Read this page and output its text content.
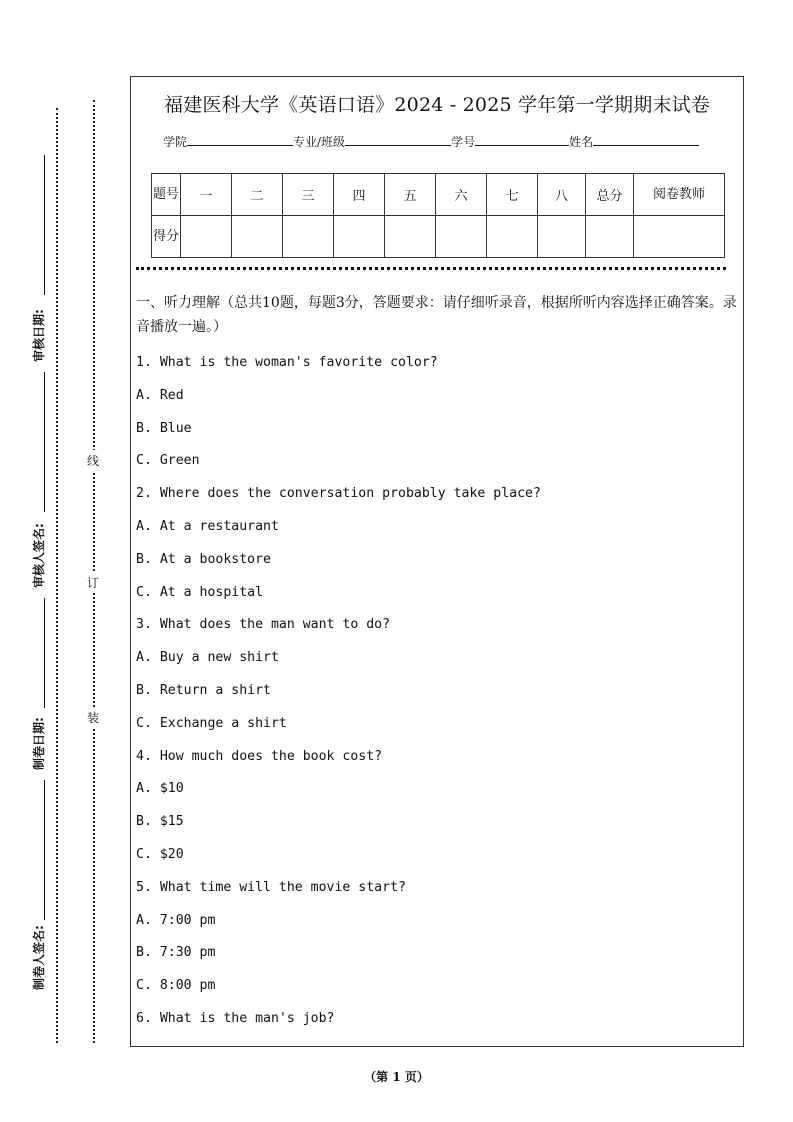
审核日期:
审核人签名:
制卷日期:
制卷人签名:
线
订
装
福建医科大学《英语口语》2024 - 2025 学年第一学期期末试卷
学院	专业/班级	学号	姓名
题号	一	二	三	四	五	六	七	八	总分	阅卷教师
得分										
一、听力理解（总共10题，每题3分，答题要求：请仔细听录音，根据所听内容选择正确答案。录音播放一遍。）
1. What is the woman's favorite color?
A. Red
B. Blue
C. Green
2. Where does the conversation probably take place?
A. At a restaurant
B. At a bookstore
C. At a hospital
3. What does the man want to do?
A. Buy a new shirt
B. Return a shirt
C. Exchange a shirt
4. How much does the book cost?
A. $10
B. $15
C. $20
5. What time will the movie start?
A. 7:00 pm
B. 7:30 pm
C. 8:00 pm
6. What is the man's job?
（第 1 页）
